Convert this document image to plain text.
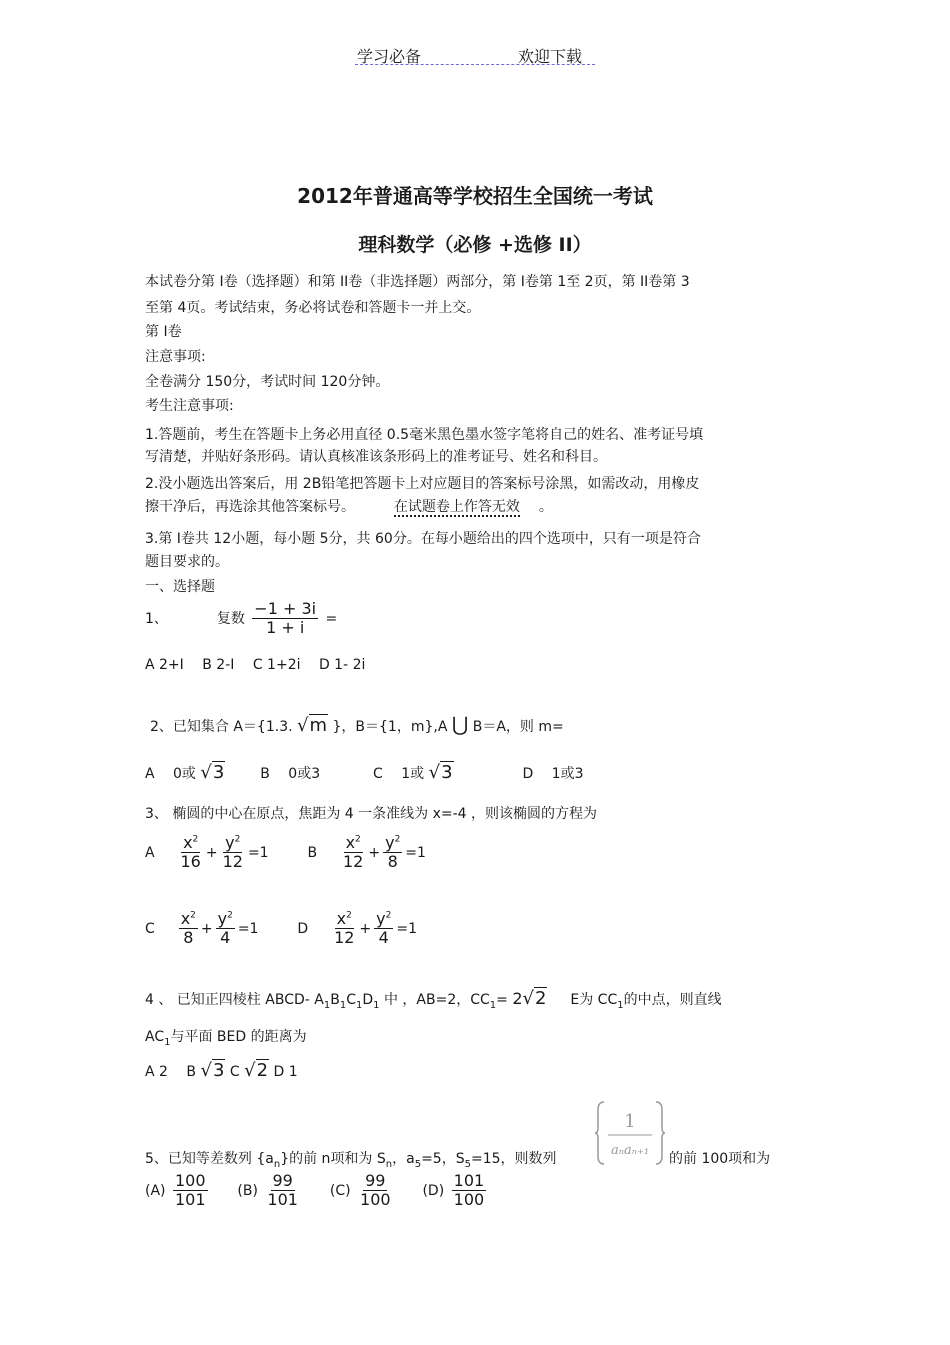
学习必备	欢迎下载
2012年普通高等学校招生全国统一考试
理科数学（必修 +选修 II）
本试卷分第 I卷（选择题）和第 II卷（非选择题）两部分，第 I卷第 1至 2页，第 II卷第 3
至第 4页。考试结束，务必将试卷和答题卡一并上交。
第 I卷
注意事项:
全卷满分 150分，考试时间 120分钟。
考生注意事项:
1.答题前，考生在答题卡上务必用直径 0.5毫米黑色墨水签字笔将自己的姓名、准考证号填
写清楚，并贴好条形码。请认真核准该条形码上的准考证号、姓名和科目。
2.没小题选出答案后，用 2B铅笔把答题卡上对应题目的答案标号涂黑，如需改动，用橡皮
擦干净后，再选涂其他答案标号。	在试题卷上作答无效 。
3.第 I卷共 12小题，每小题 5分，共 60分。在每小题给出的四个选项中，只有一项是符合
题目要求的。
一、选择题
1、	复数 $\frac{-1 + 3i}{1 + i}$ =
A 2+I　 B 2-I　 C 1+2i　 D 1- 2i
2、已知集合 A＝{1.3. √m }，B＝{1，m},A ⋃ B＝A，则 m=
A 　0或 √3	B 　0或3	C 　1或 √3	D 　1或3
3、 椭圆的中心在原点，焦距为 4 一条准线为 x=-4 ，则该椭圆的方程为
A $\frac{x^2}{16} + \frac{y^2}{12} =1$	B $\frac{x^2}{12} + \frac{y^2}{8} =1$
C $\frac{x^2}{8} + \frac{y^2}{4} =1$	D $\frac{x^2}{12} + \frac{y^2}{4} =1$
4 、 已知正四棱柱 ABCD- $A_1B_1C_1D_1$ 中 ，AB=2，$CC_1= 2√2$ E为 $CC_1$的中点，则直线
$AC_1$与平面 BED 的距离为
A 2　 B √3 C √2 D 1
1
aₙaₙ₊₁
5、已知等差数列 $\{a_n\}$的前 n项和为 $S_n$，$a_5=5$，$S_5=15$，则数列	的前 100项和为
$(A) \frac{100}{101} (B) \frac{99}{101} (C) \frac{99}{100} (D) \frac{101}{100}$
